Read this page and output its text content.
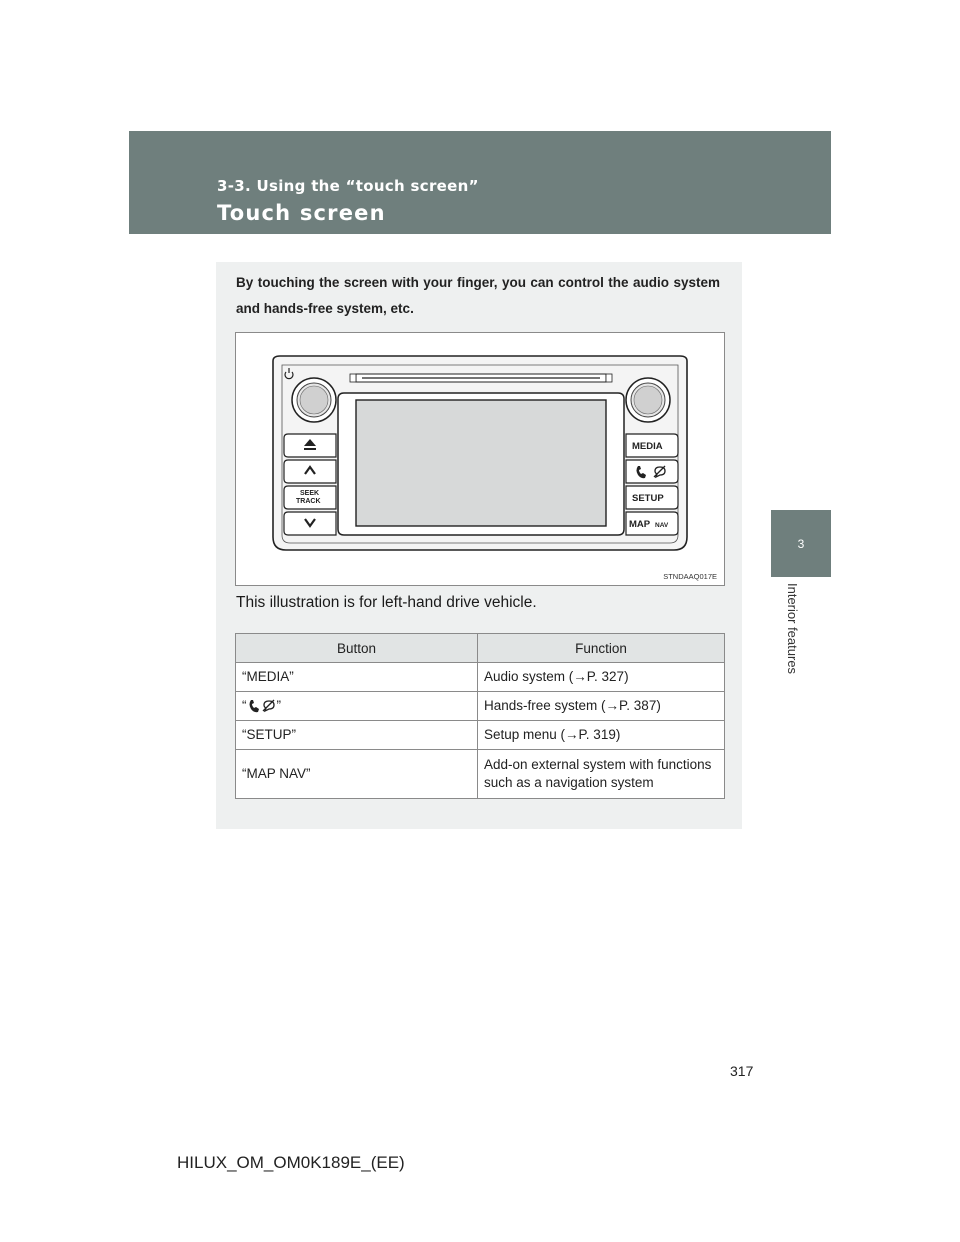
3-3. Using the “touch screen”
Touch screen
3
Interior features
By touching the screen with your finger, you can control the audio system and hands-free system, etc.
SEEK
TRACK
MEDIA
SETUP
MAP NAV
STNDAAQ017E
This illustration is for left-hand drive vehicle.
Button	Function
“MEDIA”	Audio system (→P. 327)
“ ”	Hands-free system (→P. 387)
“SETUP”	Setup menu (→P. 319)
“MAP NAV”	Add-on external system with functions such as a navigation system
317
HILUX_OM_OM0K189E_(EE)
